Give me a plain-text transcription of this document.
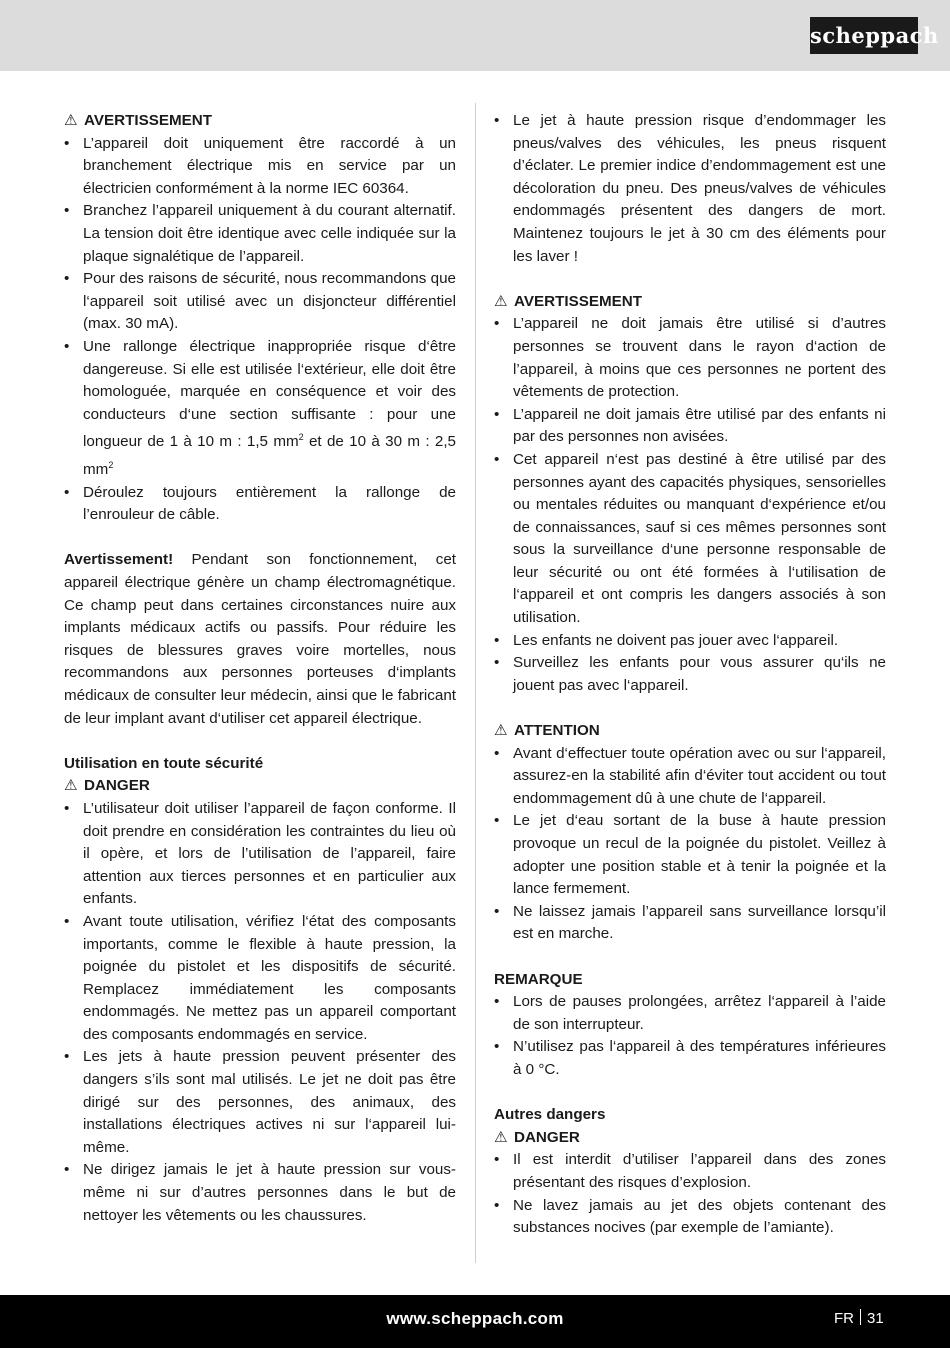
scheppach
⚠ AVERTISSEMENT
• L’appareil doit uniquement être raccordé à un branchement électrique mis en service par un électricien conformément à la norme IEC 60364.
• Branchez l’appareil uniquement à du courant alternatif. La tension doit être identique avec celle indiquée sur la plaque signalétique de l’appareil.
• Pour des raisons de sécurité, nous recommandons que l‘appareil soit utilisé avec un disjoncteur différentiel (max. 30 mA).
• Une rallonge électrique inappropriée risque d‘être dangereuse. Si elle est utilisée l‘extérieur, elle doit être homologuée, marquée en conséquence et voir des conducteurs d‘une section suffisante : pour une longueur de 1 à 10 m : 1,5 $mm^2$ et de 10 à 30 m : 2,5 $mm^2$
• Déroulez toujours entièrement la rallonge de l’enrouleur de câble.

Avertissement! Pendant son fonctionnement, cet appareil électrique génère un champ électromagnétique. Ce champ peut dans certaines circonstances nuire aux implants médicaux actifs ou passifs. Pour réduire les risques de blessures graves voire mortelles, nous recommandons aux personnes porteuses d‘implants médicaux de consulter leur médecin, ainsi que le fabricant de leur implant avant d‘utiliser cet appareil électrique.

Utilisation en toute sécurité
⚠ DANGER
• L’utilisateur doit utiliser l’appareil de façon conforme. Il doit prendre en considération les contraintes du lieu où il opère, et lors de l’utilisation de l’appareil, faire attention aux tierces personnes et en particulier aux enfants.
• Avant toute utilisation, vérifiez l‘état des composants importants, comme le flexible à haute pression, la poignée du pistolet et les dispositifs de sécurité. Remplacez immédiatement les composants endommagés. Ne mettez pas un appareil comportant des composants endommagés en service.
• Les jets à haute pression peuvent présenter des dangers s’ils sont mal utilisés. Le jet ne doit pas être dirigé sur des personnes, des animaux, des installations électriques actives ni sur l‘appareil lui-même.
• Ne dirigez jamais le jet à haute pression sur vous-même ni sur d’autres personnes dans le but de nettoyer les vêtements ou les chaussures.
• Le jet à haute pression risque d’endommager les pneus/valves des véhicules, les pneus risquent d’éclater. Le premier indice d’endommagement est une décoloration du pneu. Des pneus/valves de véhicules endommagés présentent des dangers de mort. Maintenez toujours le jet à 30 cm des éléments pour les laver !
⚠ AVERTISSEMENT
• L’appareil ne doit jamais être utilisé si d’autres personnes se trouvent dans le rayon d‘action de l’appareil, à moins que ces personnes ne portent des vêtements de protection.
• L’appareil ne doit jamais être utilisé par des enfants ni par des personnes non avisées.
• Cet appareil n‘est pas destiné à être utilisé par des personnes ayant des capacités physiques, sensorielles ou mentales réduites ou manquant d‘expérience et/ou de connaissances, sauf si ces mêmes personnes sont sous la surveillance d‘une personne responsable de leur sécurité ou ont été formées à l‘utilisation de l‘appareil et ont compris les dangers associés à son utilisation.
• Les enfants ne doivent pas jouer avec l‘appareil.
• Surveillez les enfants pour vous assurer qu‘ils ne jouent pas avec l‘appareil.
⚠ ATTENTION
• Avant d‘effectuer toute opération avec ou sur l‘appareil, assurez-en la stabilité afin d‘éviter tout accident ou tout endommagement dû à une chute de l‘appareil.
• Le jet d‘eau sortant de la buse à haute pression provoque un recul de la poignée du pistolet. Veillez à adopter une position stable et à tenir la poignée et la lance fermement.
• Ne laissez jamais l’appareil sans surveillance lorsqu’il est en marche.
REMARQUE
• Lors de pauses prolongées, arrêtez l‘appareil à l’aide de son interrupteur.
• N’utilisez pas l‘appareil à des températures inférieures à 0 °C.
Autres dangers
⚠ DANGER
• Il est interdit d’utiliser l’appareil dans des zones présentant des risques d’explosion.
• Ne lavez jamais au jet des objets contenant des substances nocives (par exemple de l’amiante).
www.scheppach.com	FR 31
